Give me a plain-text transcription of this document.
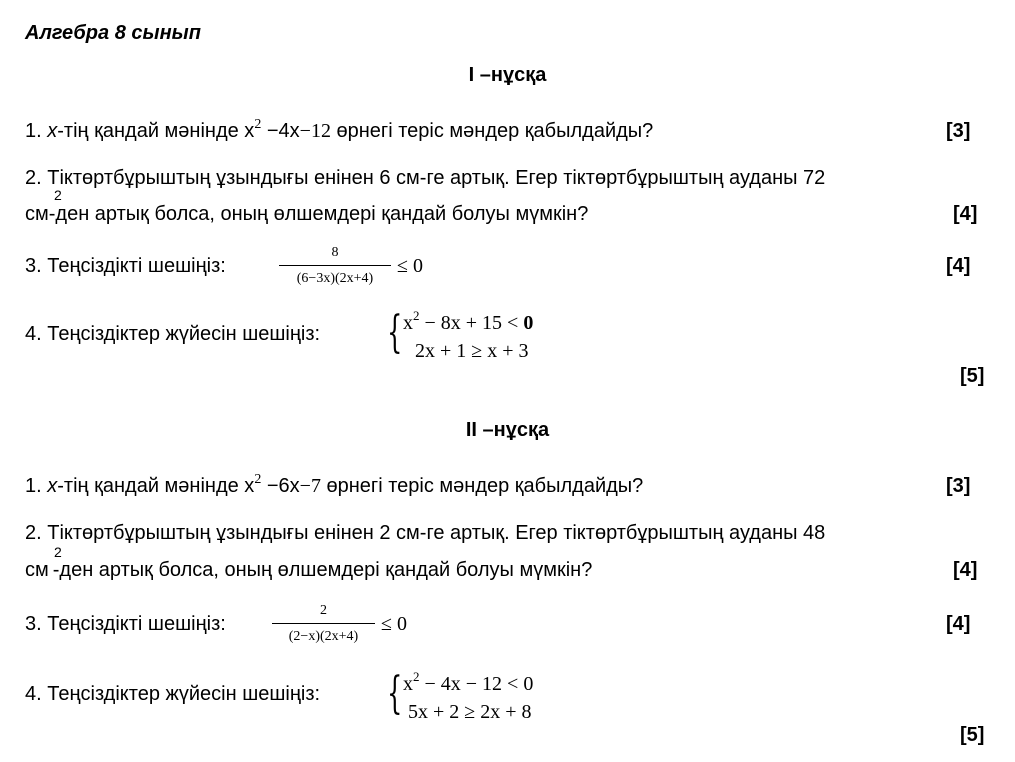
Алгебра 8 сынып
I –нұсқа
1. x-тің қандай мәнінде $x^2 -4x-12$ өрнегі теріс мәндер қабылдайды?	[3]
2. Тіктөртбұрыштың ұзындығы енінен 6 см-ге артық. Егер тіктөртбұрыштың ауданы 72
см-ден артық болса, оның өлшемдері қандай болуы мүмкін?
2
[4]
3. Теңсіздікті шешіңіз:
8
(6−3x)(2x+4)
≤ 0	[4]
4. Теңсіздіктер жүйесін шешіңіз: { $x^2 - 8x + 15 < 0$
2x + 1 ≥ x + 3
[5]
II –нұсқа
1. x-тің қандай мәнінде $x^2 -6x-7$ өрнегі теріс мәндер қабылдайды?	[3]
2. Тіктөртбұрыштың ұзындығы енінен 2 см-ге артық. Егер тіктөртбұрыштың ауданы 48
см -ден артық болса, оның өлшемдері қандай болуы мүмкін?
2
[4]
3. Теңсіздікті шешіңіз:
2
(2−x)(2x+4)
≤ 0	[4]
4. Теңсіздіктер жүйесін шешіңіз: { $x^2 - 4x - 12 < 0$
5x + 2 ≥ 2x + 8
[5]
